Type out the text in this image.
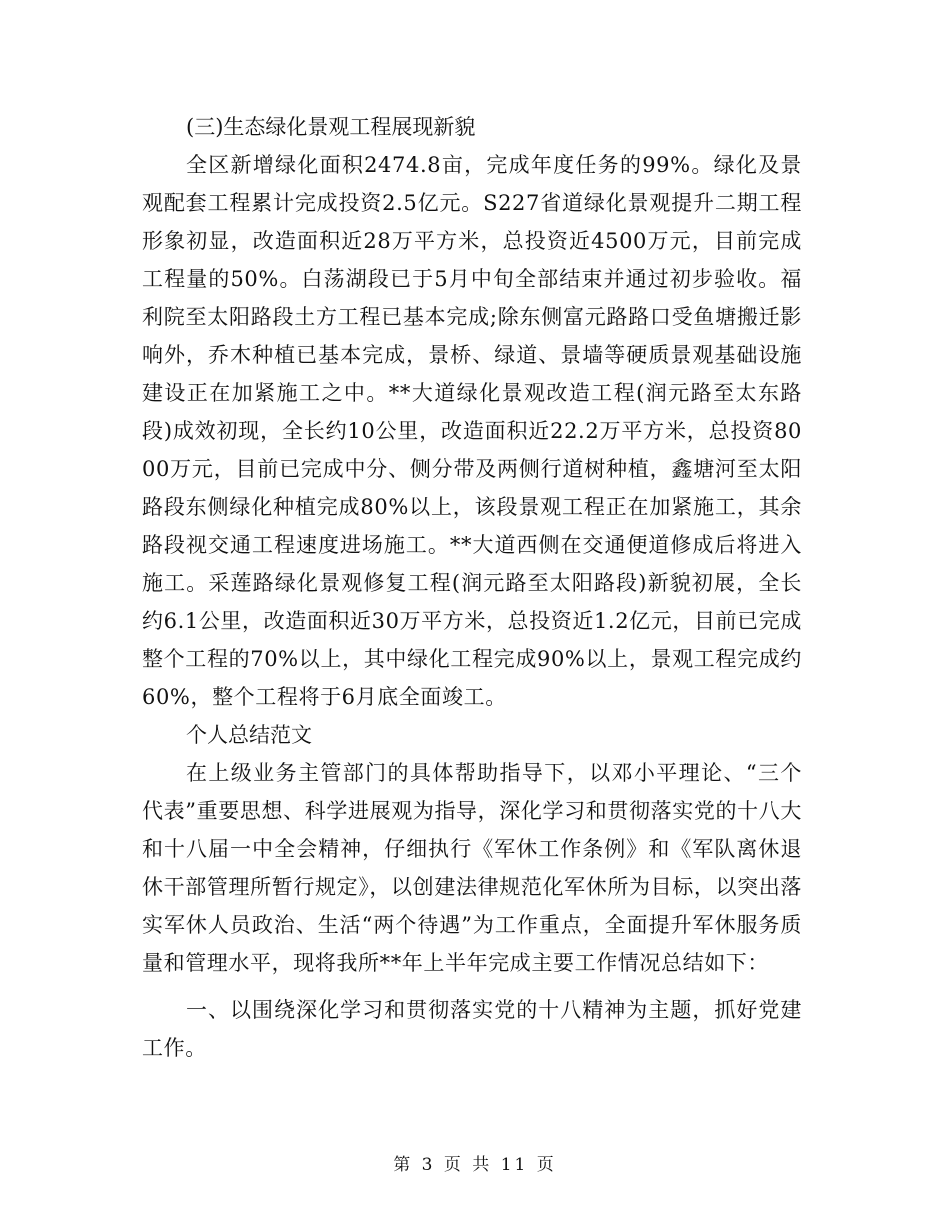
(三)生态绿化景观工程展现新貌

全区新增绿化面积2474.8亩，完成年度任务的99%。绿化及景观配套工程累计完成投资2.5亿元。S227省道绿化景观提升二期工程形象初显，改造面积近28万平方米，总投资近4500万元，目前完成工程量的50%。白荡湖段已于5月中旬全部结束并通过初步验收。福利院至太阳路段土方工程已基本完成;除东侧富元路路口受鱼塘搬迁影响外，乔木种植已基本完成，景桥、绿道、景墙等硬质景观基础设施建设正在加紧施工之中。**大道绿化景观改造工程(润元路至太东路段)成效初现，全长约10公里，改造面积近22.2万平方米，总投资8000万元，目前已完成中分、侧分带及两侧行道树种植，鑫塘河至太阳路段东侧绿化种植完成80%以上，该段景观工程正在加紧施工，其余路段视交通工程速度进场施工。**大道西侧在交通便道修成后将进入施工。采莲路绿化景观修复工程(润元路至太阳路段)新貌初展，全长约6.1公里，改造面积近30万平方米，总投资近1.2亿元，目前已完成整个工程的70%以上，其中绿化工程完成90%以上，景观工程完成约60%，整个工程将于6月底全面竣工。

个人总结范文

在上级业务主管部门的具体帮助指导下，以邓小平理论、“三个代表”重要思想、科学进展观为指导，深化学习和贯彻落实党的十八大和十八届一中全会精神，仔细执行《军休工作条例》和《军队离休退休干部管理所暂行规定》，以创建法律规范化军休所为目标，以突出落实军休人员政治、生活“两个待遇”为工作重点，全面提升军休服务质量和管理水平，现将我所**年上半年完成主要工作情况总结如下：

一、以围绕深化学习和贯彻落实党的十八精神为主题，抓好党建工作。

第 3 页 共 11 页
